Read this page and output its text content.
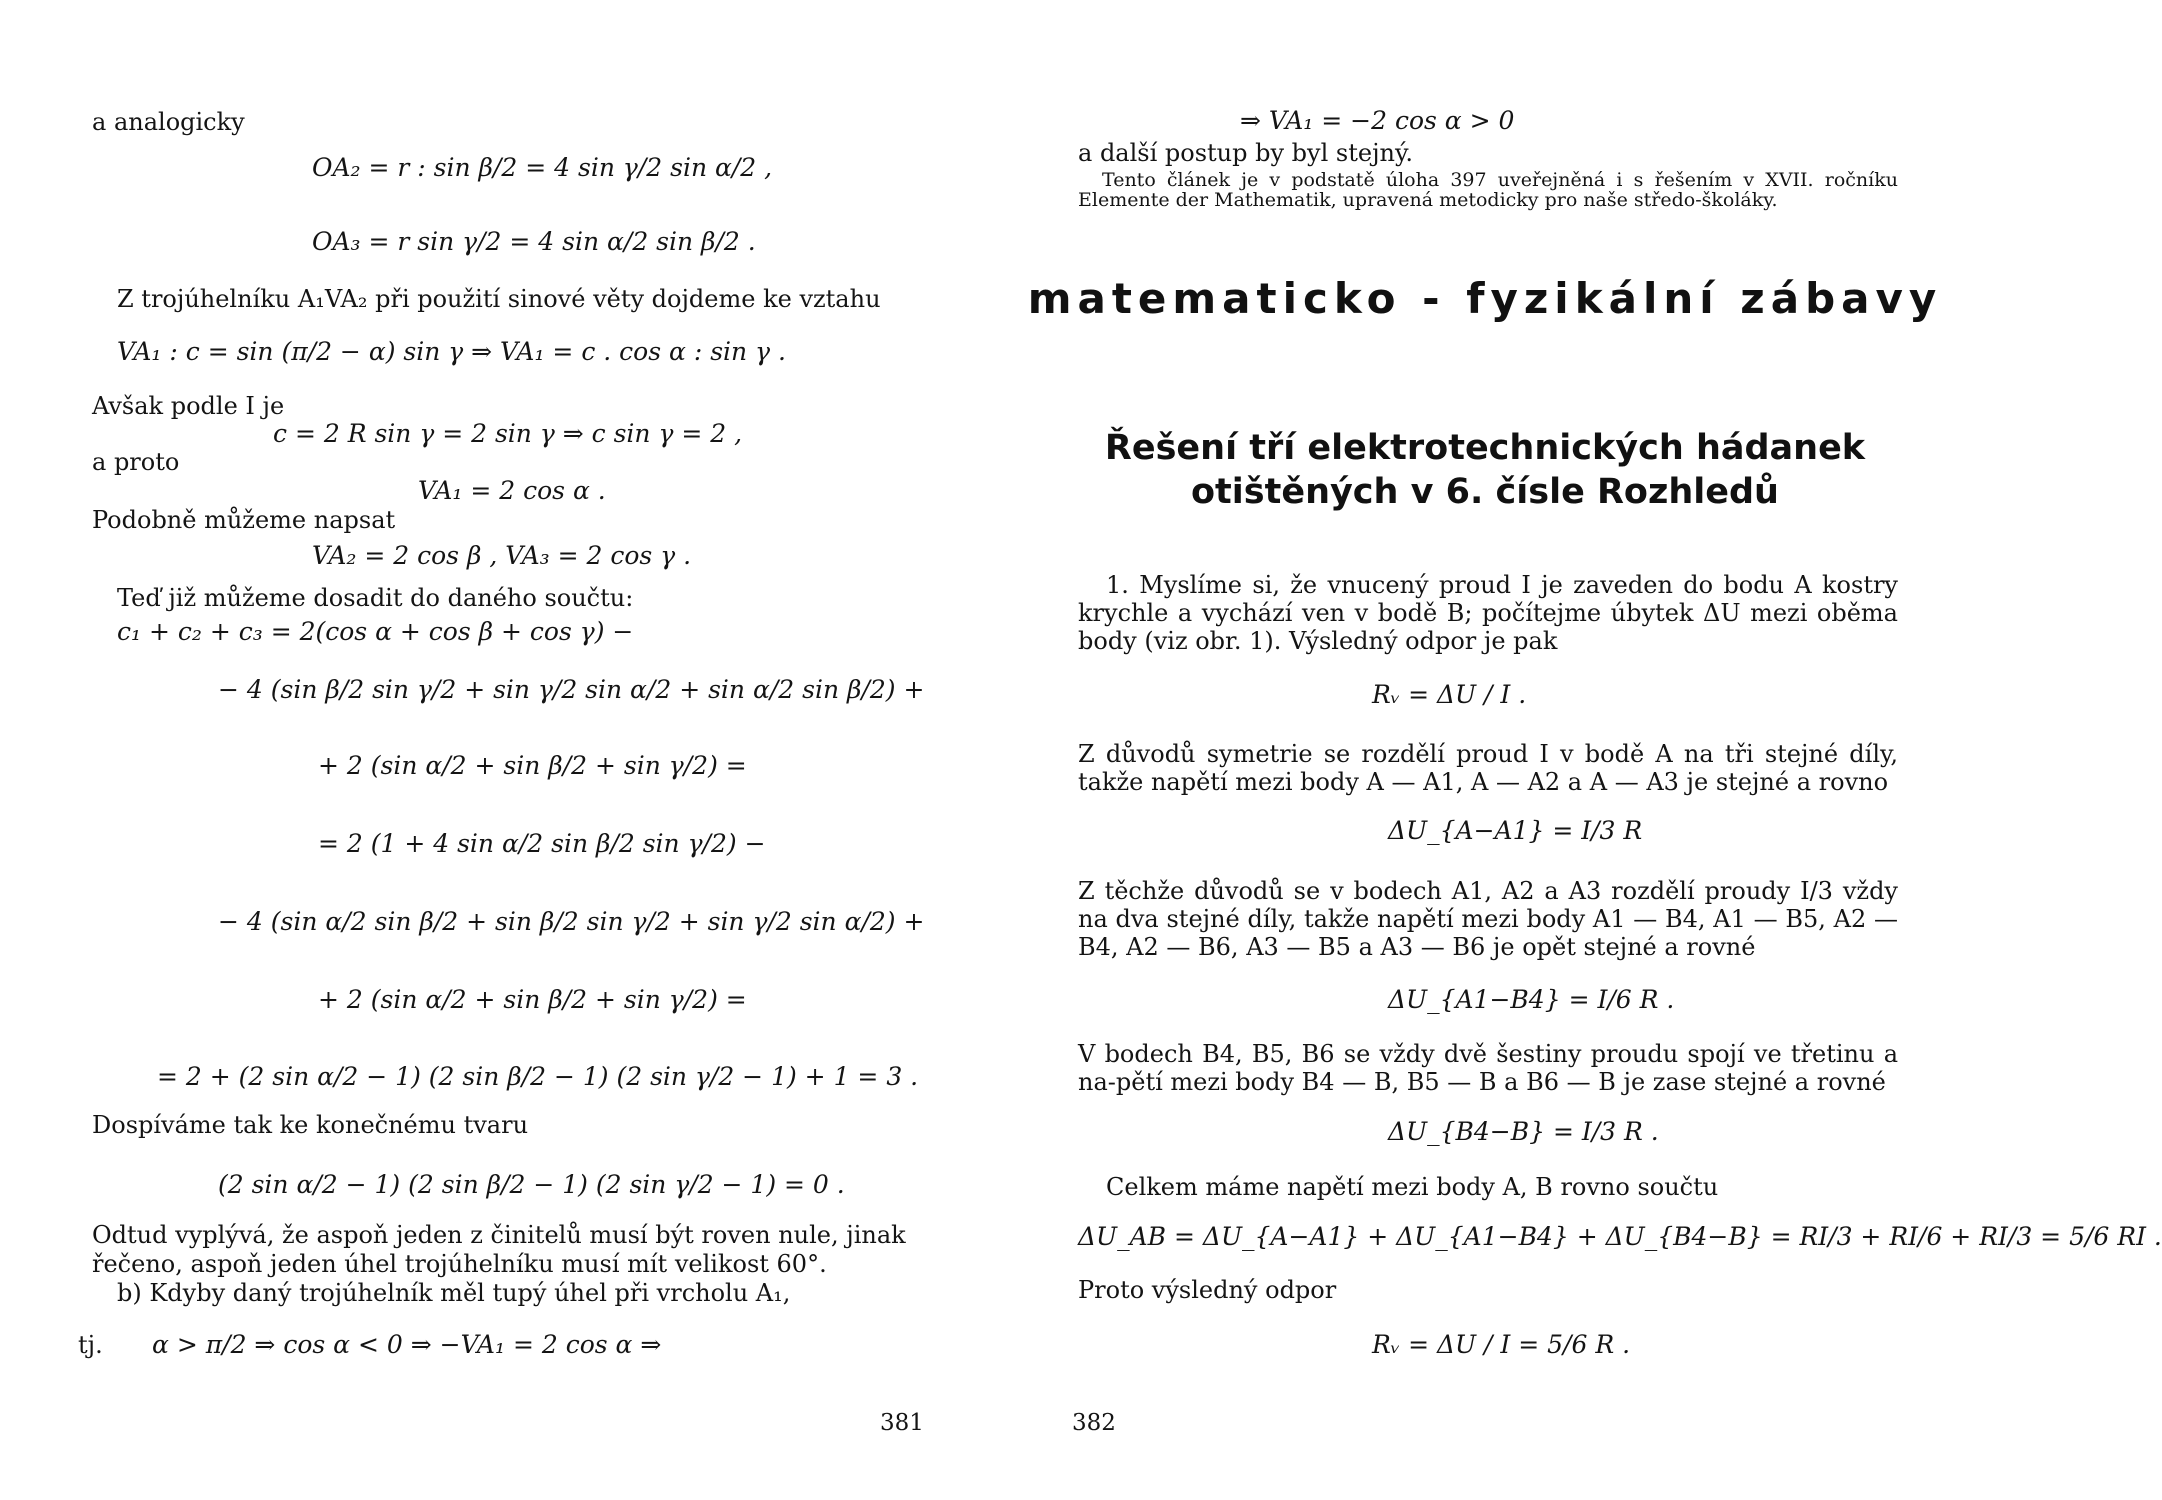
a analogicky
OA₂ = r : sin β/2 = 4 sin γ/2 sin α/2 ,
OA₃ = r sin γ/2 = 4 sin α/2 sin β/2 .
Z trojúhelníku A₁VA₂ při použití sinové věty dojdeme ke vztahu
VA₁ : c = sin (π/2 − α) sin γ ⇒ VA₁ = c . cos α : sin γ .
Avšak podle I je
c = 2 R sin γ = 2 sin γ ⇒ c sin γ = 2 ,
a proto
VA₁ = 2 cos α .
Podobně můžeme napsat
VA₂ = 2 cos β , VA₃ = 2 cos γ .
Teď již můžeme dosadit do daného součtu:
c₁ + c₂ + c₃ = 2(cos α + cos β + cos γ) −
− 4 (sin β/2 sin γ/2 + sin γ/2 sin α/2 + sin α/2 sin β/2) +
+ 2 (sin α/2 + sin β/2 + sin γ/2) =
= 2 (1 + 4 sin α/2 sin β/2 sin γ/2) −
− 4 (sin α/2 sin β/2 + sin β/2 sin γ/2 + sin γ/2 sin α/2) +
+ 2 (sin α/2 + sin β/2 + sin γ/2) =
= 2 + (2 sin α/2 − 1) (2 sin β/2 − 1) (2 sin γ/2 − 1) + 1 = 3 .
Dospíváme tak ke konečnému tvaru
(2 sin α/2 − 1) (2 sin β/2 − 1) (2 sin γ/2 − 1) = 0 .
Odtud vyplývá, že aspoň jeden z činitelů musí být roven nule, jinak
řečeno, aspoň jeden úhel trojúhelníku musí mít velikost 60°.
b) Kdyby daný trojúhelník měl tupý úhel při vrcholu A₁,
tj. α > π/2 ⇒ cos α < 0 ⇒ −VA₁ = 2 cos α ⇒
381
⇒ VA₁ = −2 cos α > 0
a další postup by byl stejný.
Tento článek je v podstatě úloha 397 uveřejněná i s řešením v XVII. ročníku Elemente der Mathematik, upravená metodicky pro naše středo-školáky.
matematicko - fyzikální zábavy
Řešení tří elektrotechnických hádanek
otištěných v 6. čísle Rozhledů
1. Myslíme si, že vnucený proud I je zaveden do bodu A kostry krychle a vychází ven v bodě B; počítejme úbytek ΔU mezi oběma body (viz obr. 1). Výsledný odpor je pak
Rᵥ = ΔU / I .
Z důvodů symetrie se rozdělí proud I v bodě A na tři stejné díly, takže napětí mezi body A — A1, A — A2 a A — A3 je stejné a rovno
ΔU_{A−A1} = I/3 R
Z těchže důvodů se v bodech A1, A2 a A3 rozdělí proudy I/3 vždy na dva stejné díly, takže napětí mezi body A1 — B4, A1 — B5, A2 — B4, A2 — B6, A3 — B5 a A3 — B6 je opět stejné a rovné
ΔU_{A1−B4} = I/6 R .
V bodech B4, B5, B6 se vždy dvě šestiny proudu spojí ve třetinu a na-pětí mezi body B4 — B, B5 — B a B6 — B je zase stejné a rovné
ΔU_{B4−B} = I/3 R .
Celkem máme napětí mezi body A, B rovno součtu
ΔU_AB = ΔU_{A−A1} + ΔU_{A1−B4} + ΔU_{B4−B} = RI/3 + RI/6 + RI/3 = 5/6 RI .
Proto výsledný odpor
Rᵥ = ΔU / I = 5/6 R .
382
